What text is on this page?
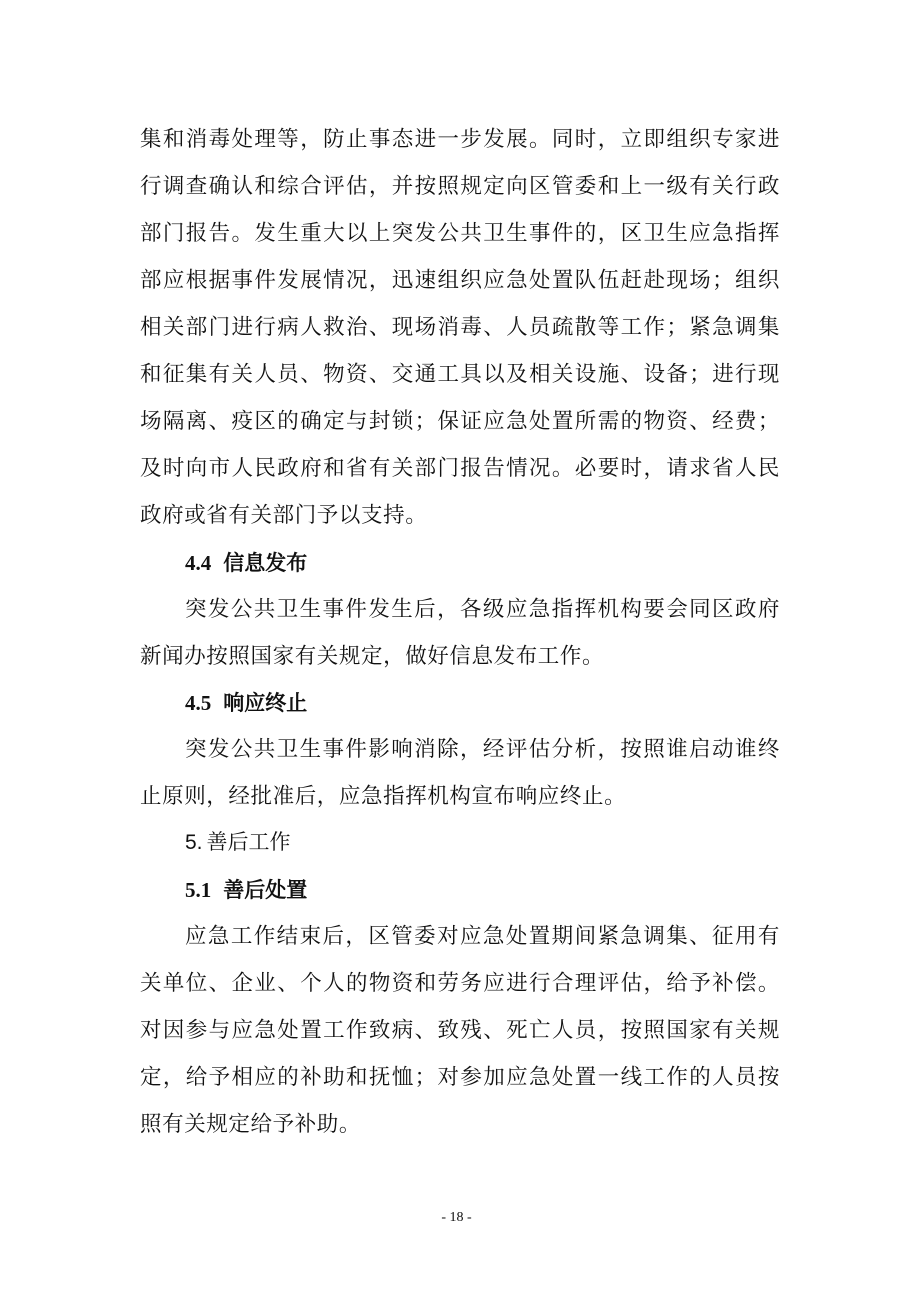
集和消毒处理等，防止事态进一步发展。同时，立即组织专家进行调查确认和综合评估，并按照规定向区管委和上一级有关行政部门报告。发生重大以上突发公共卫生事件的，区卫生应急指挥部应根据事件发展情况，迅速组织应急处置队伍赶赴现场；组织相关部门进行病人救治、现场消毒、人员疏散等工作；紧急调集和征集有关人员、物资、交通工具以及相关设施、设备；进行现场隔离、疫区的确定与封锁；保证应急处置所需的物资、经费；及时向市人民政府和省有关部门报告情况。必要时，请求省人民政府或省有关部门予以支持。

4.4 信息发布

突发公共卫生事件发生后，各级应急指挥机构要会同区政府新闻办按照国家有关规定，做好信息发布工作。

4.5 响应终止

突发公共卫生事件影响消除，经评估分析，按照谁启动谁终止原则，经批准后，应急指挥机构宣布响应终止。

5. 善后工作
5.1 善后处置

应急工作结束后，区管委对应急处置期间紧急调集、征用有关单位、企业、个人的物资和劳务应进行合理评估，给予补偿。对因参与应急处置工作致病、致残、死亡人员，按照国家有关规定，给予相应的补助和抚恤；对参加应急处置一线工作的人员按照有关规定给予补助。

- 18 -
